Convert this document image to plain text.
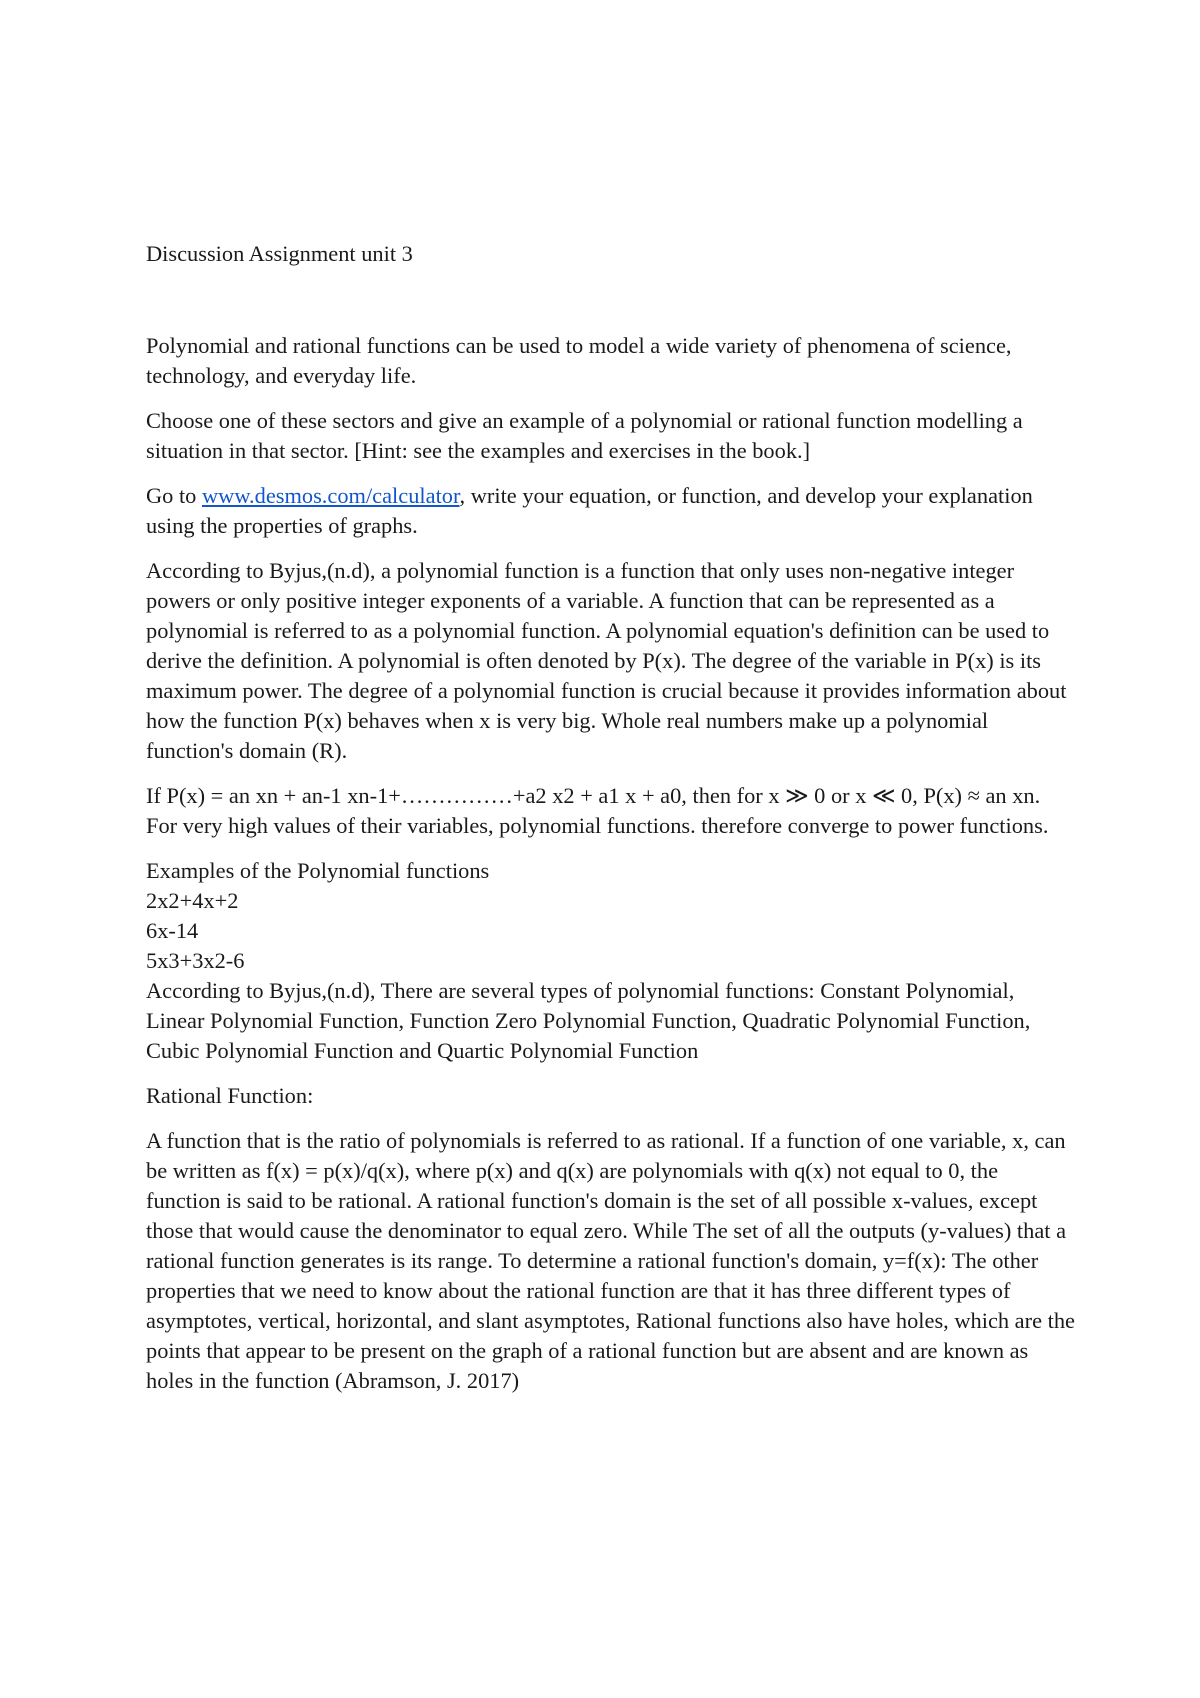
Discussion Assignment unit 3

Polynomial and rational functions can be used to model a wide variety of phenomena of science, technology, and everyday life.

Choose one of these sectors and give an example of a polynomial or rational function modelling a situation in that sector. [Hint: see the examples and exercises in the book.]

Go to www.desmos.com/calculator, write your equation, or function, and develop your explanation using the properties of graphs.

According to Byjus,(n.d), a polynomial function is a function that only uses non-negative integer powers or only positive integer exponents of a variable. A function that can be represented as a polynomial is referred to as a polynomial function. A polynomial equation's definition can be used to derive the definition. A polynomial is often denoted by P(x). The degree of the variable in P(x) is its maximum power. The degree of a polynomial function is crucial because it provides information about how the function P(x) behaves when x is very big. Whole real numbers make up a polynomial function's domain (R).

If P(x) = an xn + an-1 xn-1+……………+a2 x2 + a1 x + a0, then for x ≫ 0 or x ≪ 0, P(x) ≈ an xn. For very high values of their variables, polynomial functions. therefore converge to power functions.

Examples of the Polynomial functions
2x2+4x+2
6x-14
5x3+3x2-6
According to Byjus,(n.d), There are several types of polynomial functions: Constant Polynomial, Linear Polynomial Function, Function Zero Polynomial Function, Quadratic Polynomial Function, Cubic Polynomial Function and Quartic Polynomial Function

Rational Function:

A function that is the ratio of polynomials is referred to as rational. If a function of one variable, x, can be written as f(x) = p(x)/q(x), where p(x) and q(x) are polynomials with q(x) not equal to 0, the function is said to be rational. A rational function's domain is the set of all possible x-values, except those that would cause the denominator to equal zero. While The set of all the outputs (y-values) that a rational function generates is its range. To determine a rational function's domain, y=f(x): The other properties that we need to know about the rational function are that it has three different types of asymptotes, vertical, horizontal, and slant asymptotes, Rational functions also have holes, which are the points that appear to be present on the graph of a rational function but are absent and are known as holes in the function (Abramson, J. 2017)
